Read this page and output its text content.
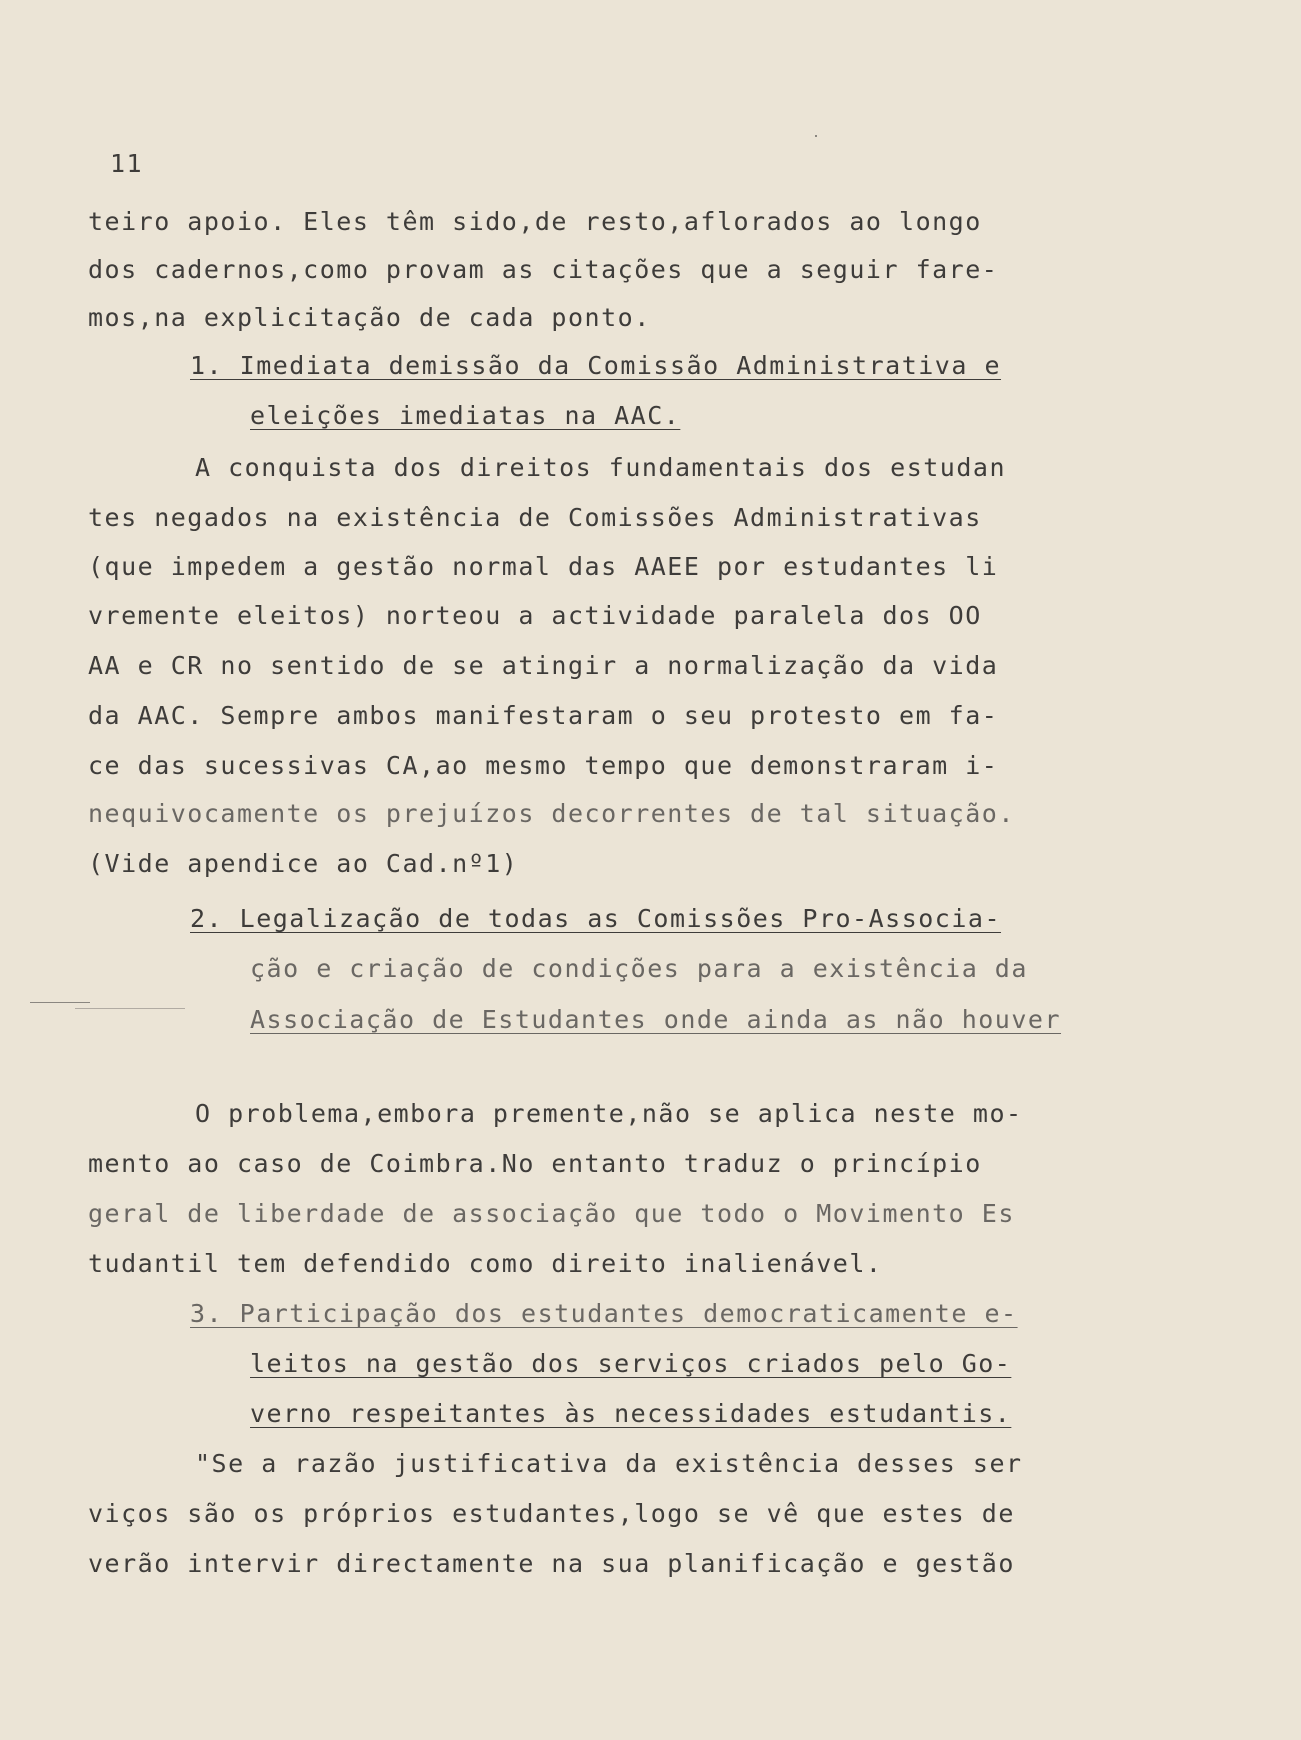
11
teiro apoio. Eles têm sido,de resto,aflorados ao longo
dos cadernos,como provam as citações que a seguir fare-
mos,na explicitação de cada ponto.
1. Imediata demissão da Comissão Administrativa e
eleições imediatas na AAC.
A conquista dos direitos fundamentais dos estudan
tes negados na existência de Comissões Administrativas
(que impedem a gestão normal das AAEE por estudantes li
vremente eleitos) norteou a actividade paralela dos OO
AA e CR no sentido de se atingir a normalização da vida
da AAC. Sempre ambos manifestaram o seu protesto em fa-
ce das sucessivas CA,ao mesmo tempo que demonstraram i-
nequivocamente os prejuízos decorrentes de tal situação.
(Vide apendice ao Cad.nº1)
2. Legalização de todas as Comissões Pro-Associa-
ção e criação de condições para a existência da
Associação de Estudantes onde ainda as não houver
O problema,embora premente,não se aplica neste mo-
mento ao caso de Coimbra.No entanto traduz o princípio
geral de liberdade de associação que todo o Movimento Es
tudantil tem defendido como direito inalienável.
3. Participação dos estudantes democraticamente e-
leitos na gestão dos serviços criados pelo Go-
verno respeitantes às necessidades estudantis.
"Se a razão justificativa da existência desses ser
viços são os próprios estudantes,logo se vê que estes de
verão intervir directamente na sua planificação e gestão
